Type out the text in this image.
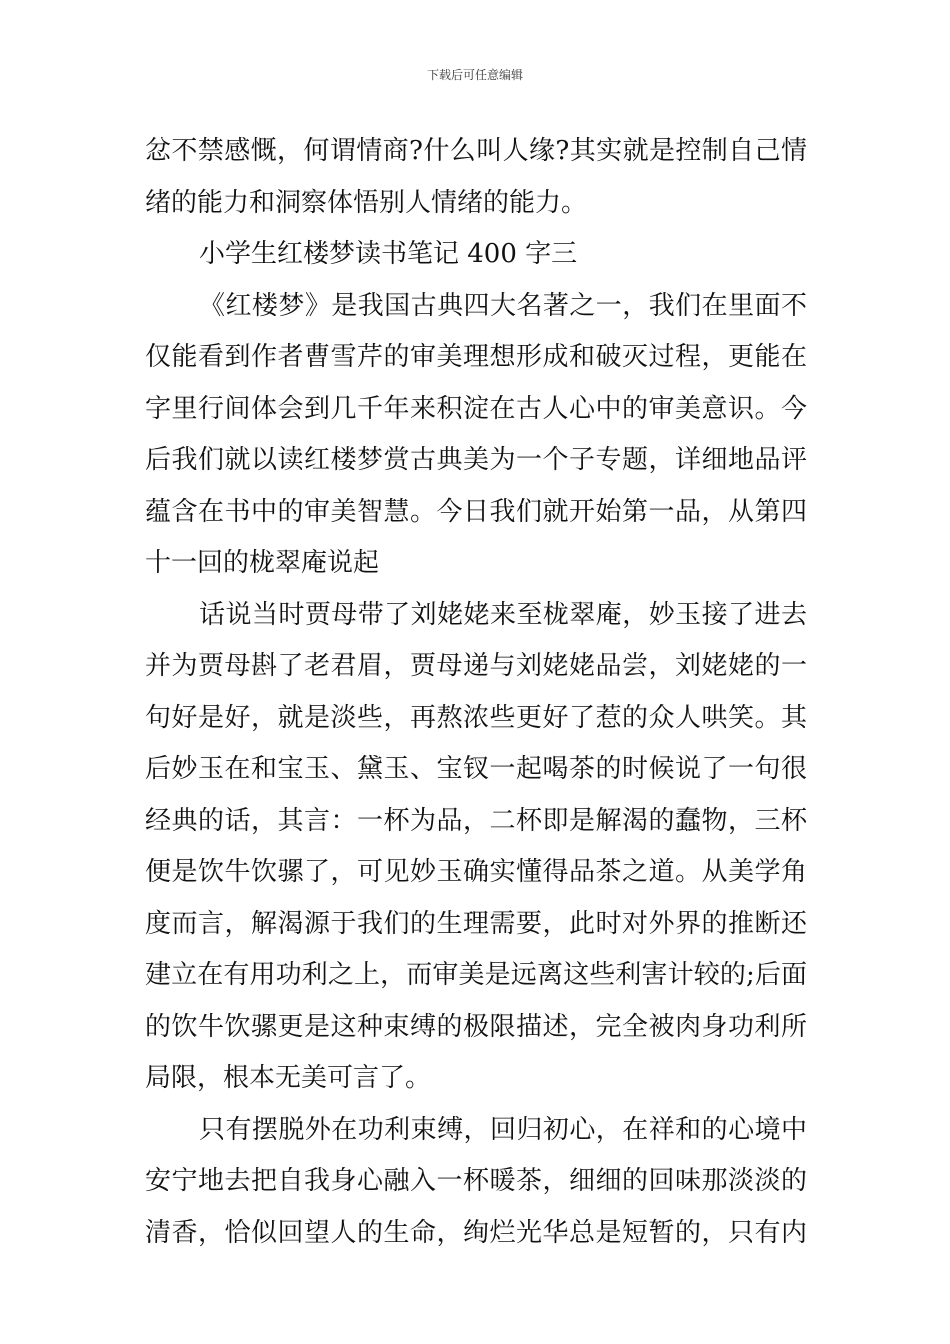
下载后可任意编辑
忿不禁感慨，何谓情商?什么叫人缘?其实就是控制自己情
绪的能力和洞察体悟别人情绪的能力。
小学生红楼梦读书笔记 400 字三
《红楼梦》是我国古典四大名著之一，我们在里面不
仅能看到作者曹雪芹的审美理想形成和破灭过程，更能在
字里行间体会到几千年来积淀在古人心中的审美意识。今
后我们就以读红楼梦赏古典美为一个子专题，详细地品评
蕴含在书中的审美智慧。今日我们就开始第一品，从第四
十一回的栊翠庵说起
话说当时贾母带了刘姥姥来至栊翠庵，妙玉接了进去
并为贾母斟了老君眉，贾母递与刘姥姥品尝，刘姥姥的一
句好是好，就是淡些，再熬浓些更好了惹的众人哄笑。其
后妙玉在和宝玉、黛玉、宝钗一起喝茶的时候说了一句很
经典的话，其言：一杯为品，二杯即是解渴的蠢物，三杯
便是饮牛饮骡了，可见妙玉确实懂得品茶之道。从美学角
度而言，解渴源于我们的生理需要，此时对外界的推断还
建立在有用功利之上，而审美是远离这些利害计较的;后面
的饮牛饮骡更是这种束缚的极限描述，完全被肉身功利所
局限，根本无美可言了。
只有摆脱外在功利束缚，回归初心，在祥和的心境中
安宁地去把自我身心融入一杯暖茶，细细的回味那淡淡的
清香，恰似回望人的生命，绚烂光华总是短暂的，只有内
